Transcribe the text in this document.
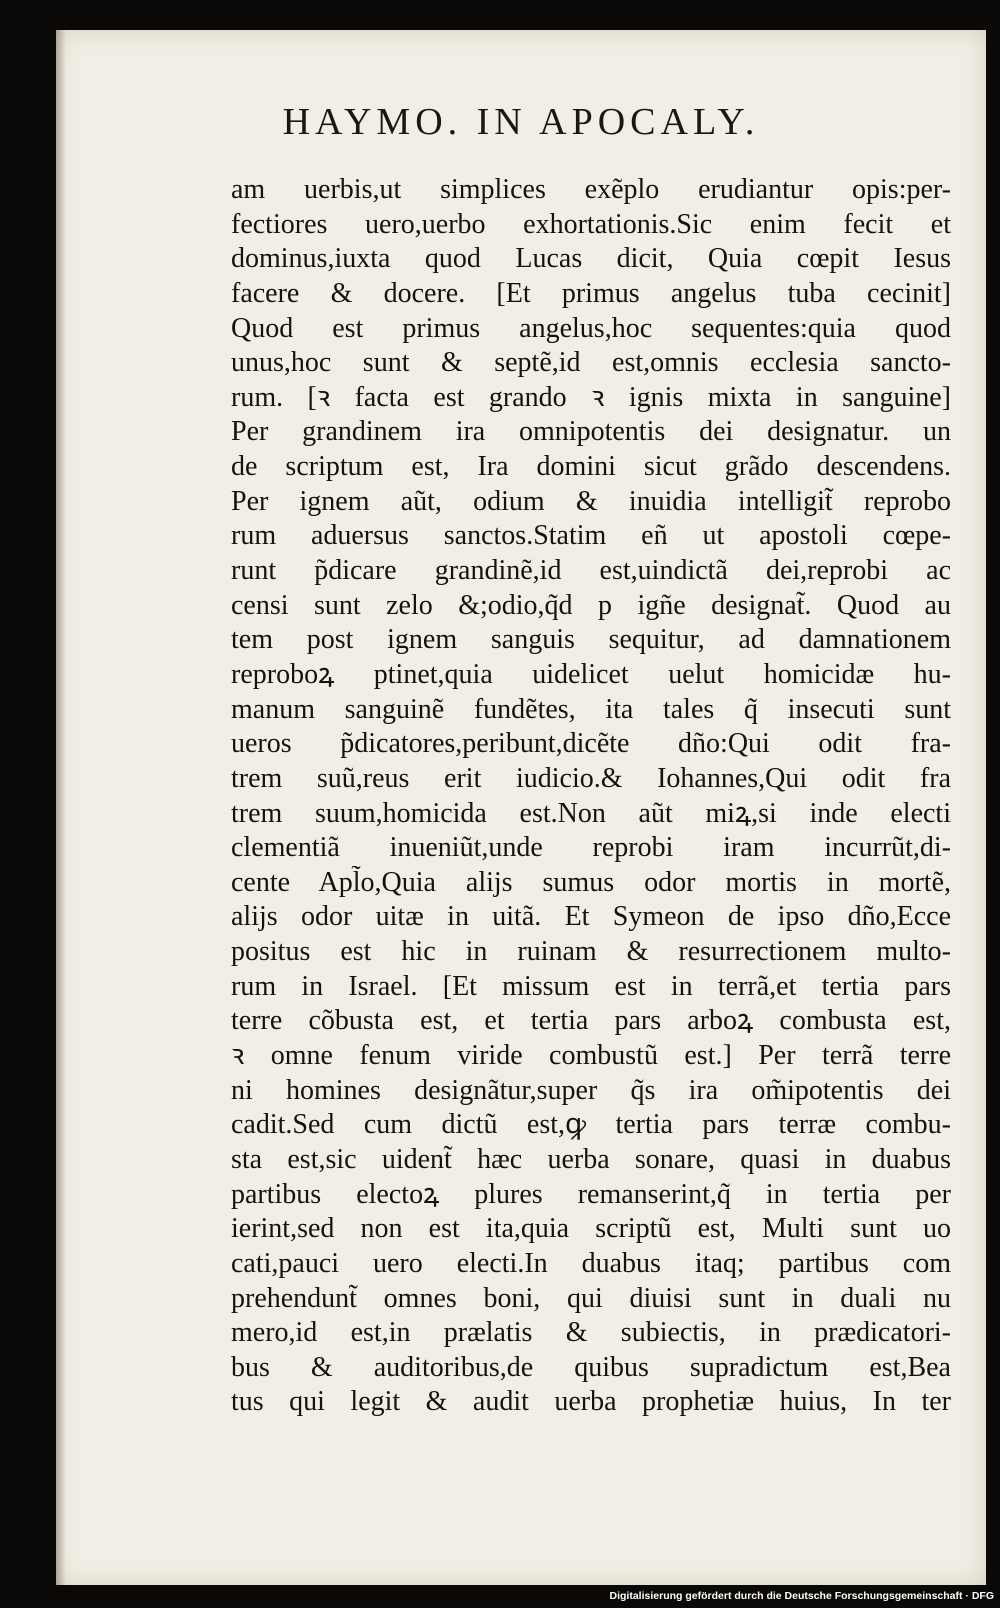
HAYMO. IN APOCALY.
am uerbis,ut simplices exẽplo erudiantur opis:per-
fectiores uero,uerbo exhortationis.Sic enim fecit et
dominus,iuxta quod Lucas dicit, Quia cœpit Iesus
facere & docere. [Et primus angelus tuba cecinit]
Quod est primus angelus,hoc sequentes:quia quod
unus,hoc sunt & septẽ,id est,omnis ecclesia sancto-
rum. [ꝛ facta est grando ꝛ ignis mixta in sanguine]
Per grandinem ira omnipotentis dei designatur. un
de scriptum est, Ira domini sicut grãdo descendens.
Per ignem aũt, odium & inuidia intelligit̃ reprobo
rum aduersus sanctos.Statim eñ ut apostoli cœpe-
runt p̃dicare grandinẽ,id est,uindictã dei,reprobi ac
censi sunt zelo &;odio,q̃d p igñe designat̃. Quod au
tem post ignem sanguis sequitur, ad damnationem
reproboꝝ ptinet,quia uidelicet uelut homicidæ hu-
manum sanguinẽ fundẽtes, ita tales q̃ insecuti sunt
ueros p̃dicatores,peribunt,dicẽte dño:Qui odit fra-
trem suũ,reus erit iudicio.& Iohannes,Qui odit fra
trem suum,homicida est.Non aũt miꝝ,si inde electi
clementiã inueniũt,unde reprobi iram incurrũt,di-
cente Apl̃o,Quia alijs sumus odor mortis in mortẽ,
alijs odor uitæ in uitã. Et Symeon de ipso dño,Ecce
positus est hic in ruinam & resurrectionem multo-
rum in Israel. [Et missum est in terrã,et tertia pars
terre cõbusta est, et tertia pars arboꝝ combusta est,
ꝛ omne fenum viride combustũ est.] Per terrã terre
ni homines designãtur,super q̃s ira om̃ipotentis dei
cadit.Sed cum dictũ est,ꝙ tertia pars terræ combu-
sta est,sic uident̃ hæc uerba sonare, quasi in duabus
partibus electoꝝ plures remanserint,q̃ in tertia per
ierint,sed non est ita,quia scriptũ est, Multi sunt uo
cati,pauci uero electi.In duabus itaq; partibus com
prehendunt̃ omnes boni, qui diuisi sunt in duali nu
mero,id est,in prælatis & subiectis, in prædicatori-
bus & auditoribus,de quibus supradictum est,Bea
tus qui legit & audit uerba prophetiæ huius, In ter
Digitalisierung gefördert durch die Deutsche Forschungsgemeinschaft · DFG
